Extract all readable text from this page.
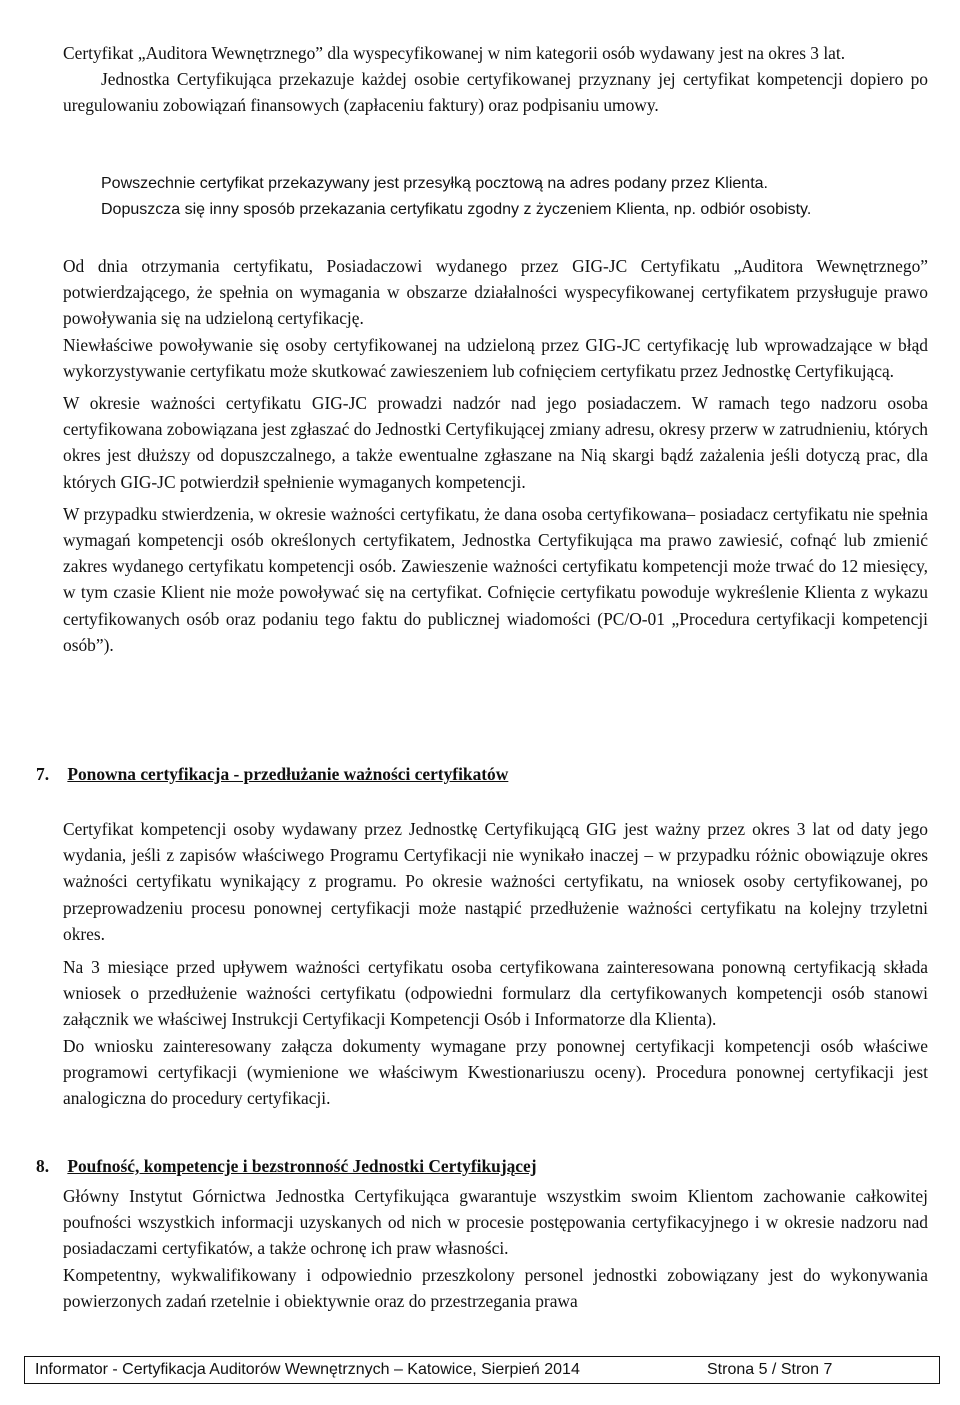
Certyfikat „Auditora Wewnętrznego” dla wyspecyfikowanej w nim kategorii osób wydawany jest na okres 3 lat.

Jednostka Certyfikująca przekazuje każdej osobie certyfikowanej przyznany jej certyfikat kompetencji dopiero po uregulowaniu zobowiązań finansowych (zapłaceniu faktury) oraz podpisaniu umowy.

Powszechnie certyfikat przekazywany jest przesyłką pocztową na adres podany przez Klienta.

Dopuszcza się inny sposób przekazania certyfikatu zgodny z życzeniem Klienta, np. odbiór osobisty.

Od dnia otrzymania certyfikatu, Posiadaczowi wydanego przez GIG-JC Certyfikatu „Auditora Wewnętrznego” potwierdzającego, że spełnia on wymagania w obszarze działalności wyspecyfikowanej certyfikatem przysługuje prawo powoływania się na udzieloną certyfikację.

Niewłaściwe powoływanie się osoby certyfikowanej na udzieloną przez GIG-JC certyfikację lub wprowadzające w błąd wykorzystywanie certyfikatu może skutkować zawieszeniem lub cofnięciem certyfikatu przez Jednostkę Certyfikującą.

W okresie ważności certyfikatu GIG-JC prowadzi nadzór nad jego posiadaczem. W ramach tego nadzoru osoba certyfikowana zobowiązana jest zgłaszać do Jednostki Certyfikującej zmiany adresu, okresy przerw w zatrudnieniu, których okres jest dłuższy od dopuszczalnego, a także ewentualne zgłaszane na Nią skargi bądź zażalenia jeśli dotyczą prac, dla których GIG-JC potwierdził spełnienie wymaganych kompetencji.

W przypadku stwierdzenia, w okresie ważności certyfikatu, że dana osoba certyfikowana– posiadacz certyfikatu nie spełnia wymagań kompetencji osób określonych certyfikatem, Jednostka Certyfikująca ma prawo zawiesić, cofnąć lub zmienić zakres wydanego certyfikatu kompetencji osób. Zawieszenie ważności certyfikatu kompetencji może trwać do 12 miesięcy, w tym czasie Klient nie może powoływać się na certyfikat. Cofnięcie certyfikatu powoduje wykreślenie Klienta z wykazu certyfikowanych osób oraz podaniu tego faktu do publicznej wiadomości (PC/O-01 „Procedura certyfikacji kompetencji osób”).

7. Ponowna certyfikacja - przedłużanie ważności certyfikatów

Certyfikat kompetencji osoby wydawany przez Jednostkę Certyfikującą GIG jest ważny przez okres 3 lat od daty jego wydania, jeśli z zapisów właściwego Programu Certyfikacji nie wynikało inaczej – w przypadku różnic obowiązuje okres ważności certyfikatu wynikający z programu. Po okresie ważności certyfikatu, na wniosek osoby certyfikowanej, po przeprowadzeniu procesu ponownej certyfikacji może nastąpić przedłużenie ważności certyfikatu na kolejny trzyletni okres.

Na 3 miesiące przed upływem ważności certyfikatu osoba certyfikowana zainteresowana ponowną certyfikacją składa wniosek o przedłużenie ważności certyfikatu (odpowiedni formularz dla certyfikowanych kompetencji osób stanowi załącznik we właściwej Instrukcji Certyfikacji Kompetencji Osób i Informatorze dla Klienta).

Do wniosku zainteresowany załącza dokumenty wymagane przy ponownej certyfikacji kompetencji osób właściwe programowi certyfikacji (wymienione we właściwym Kwestionariuszu oceny). Procedura ponownej certyfikacji jest analogiczna do procedury certyfikacji.

8. Poufność, kompetencje i bezstronność Jednostki Certyfikującej

Główny Instytut Górnictwa Jednostka Certyfikująca gwarantuje wszystkim swoim Klientom zachowanie całkowitej poufności wszystkich informacji uzyskanych od nich w procesie postępowania certyfikacyjnego i w okresie nadzoru nad posiadaczami certyfikatów, a także ochronę ich praw własności.

Kompetentny, wykwalifikowany i odpowiednio przeszkolony personel jednostki zobowiązany jest do wykonywania powierzonych zadań rzetelnie i obiektywnie oraz do przestrzegania prawa

Informator - Certyfikacja Auditorów Wewnętrznych – Katowice, Sierpień 2014	Strona 5 / Stron 7
